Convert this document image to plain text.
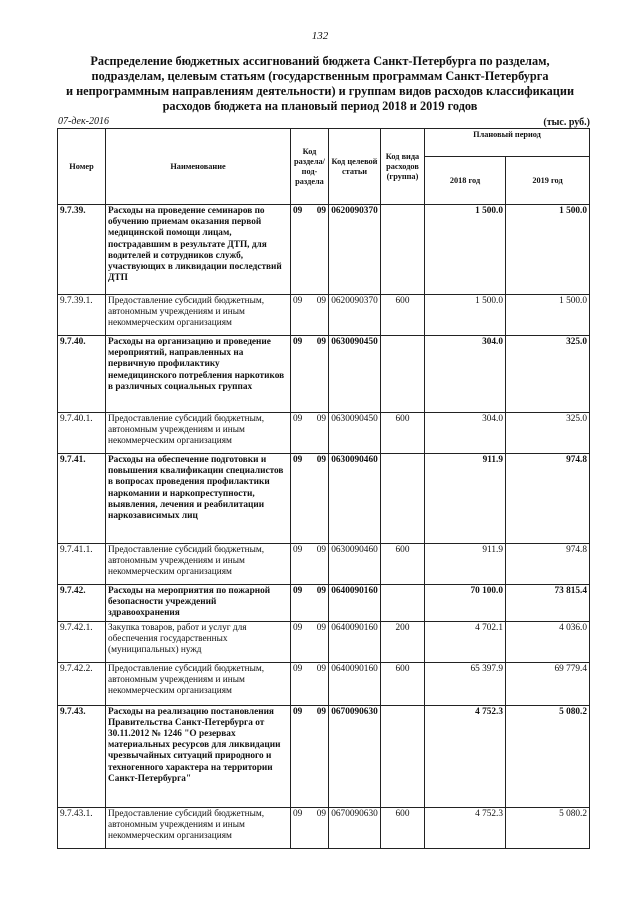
132
Распределение бюджетных ассигнований бюджета Санкт-Петербурга по разделам,
подразделам, целевым статьям (государственным программам Санкт-Петербурга
и непрограммным направлениям деятельности) и группам видов расходов классификации
расходов бюджета на плановый период 2018 и 2019 годов
07-дек-2016	(тыс. руб.)
Номер	Наименование	Код раздела/ под- раздела	Код целевой статьи	Код вида расходов (группа)	Плановый период	
					2018 год	2019 год
9.7.39.	Расходы на проведение семинаров по обучению приемам оказания первой медицинской помощи лицам, пострадавшим в результате ДТП, для водителей и сотрудников служб, участвующих в ликвидации последствий ДТП	09 09	0620090370		1 500.0	1 500.0
9.7.39.1.	Предоставление субсидий бюджетным, автономным учреждениям и иным некоммерческим организациям	09 09	0620090370	600	1 500.0	1 500.0
9.7.40.	Расходы на организацию и проведение мероприятий, направленных на первичную профилактику немедицинского потребления наркотиков в различных социальных группах	09 09	0630090450		304.0	325.0
9.7.40.1.	Предоставление субсидий бюджетным, автономным учреждениям и иным некоммерческим организациям	09 09	0630090450	600	304.0	325.0
9.7.41.	Расходы на обеспечение подготовки и повышения квалификации специалистов в вопросах проведения профилактики наркомании и наркопреступности, выявления, лечения и реабилитации наркозависимых лиц	09 09	0630090460		911.9	974.8
9.7.41.1.	Предоставление субсидий бюджетным, автономным учреждениям и иным некоммерческим организациям	09 09	0630090460	600	911.9	974.8
9.7.42.	Расходы на мероприятия по пожарной безопасности учреждений здравоохранения	09 09	0640090160		70 100.0	73 815.4
9.7.42.1.	Закупка товаров, работ и услуг для обеспечения государственных (муниципальных) нужд	09 09	0640090160	200	4 702.1	4 036.0
9.7.42.2.	Предоставление субсидий бюджетным, автономным учреждениям и иным некоммерческим организациям	09 09	0640090160	600	65 397.9	69 779.4
9.7.43.	Расходы на реализацию постановления Правительства Санкт-Петербурга от 30.11.2012 № 1246 "О резервах материальных ресурсов для ликвидации чрезвычайных ситуаций природного и техногенного характера на территории Санкт-Петербурга"	09 09	0670090630		4 752.3	5 080.2
9.7.43.1.	Предоставление субсидий бюджетным, автономным учреждениям и иным некоммерческим организациям	09 09	0670090630	600	4 752.3	5 080.2
